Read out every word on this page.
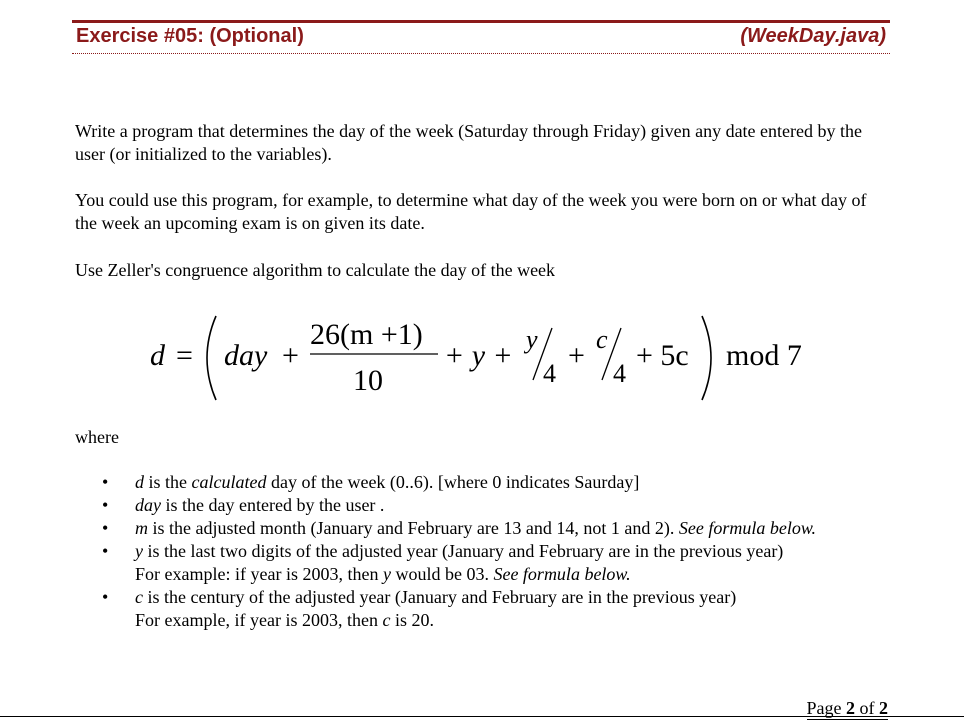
Exercise #05: (Optional)	(WeekDay.java)
Write a program that determines the day of the week (Saturday through Friday) given any date entered by the user (or initialized to the variables).
You could use this program, for example, to determine what day of the week you were born on or what day of the week an upcoming exam is on given its date.
Use Zeller's congruence algorithm to calculate the day of the week
d = day +
26(m +1)
10
+ y + y
4
+ c
4
+ 5c mod 7
where
• d is the calculated day of the week (0..6). [where 0 indicates Saurday]
• day is the day entered by the user .
• m is the adjusted month (January and February are 13 and 14, not 1 and 2). See formula below.
• y is the last two digits of the adjusted year (January and February are in the previous year)
For example: if year is 2003, then y would be 03. See formula below.
• c is the century of the adjusted year (January and February are in the previous year)
For example, if year is 2003, then c is 20.
Page 2 of 2
